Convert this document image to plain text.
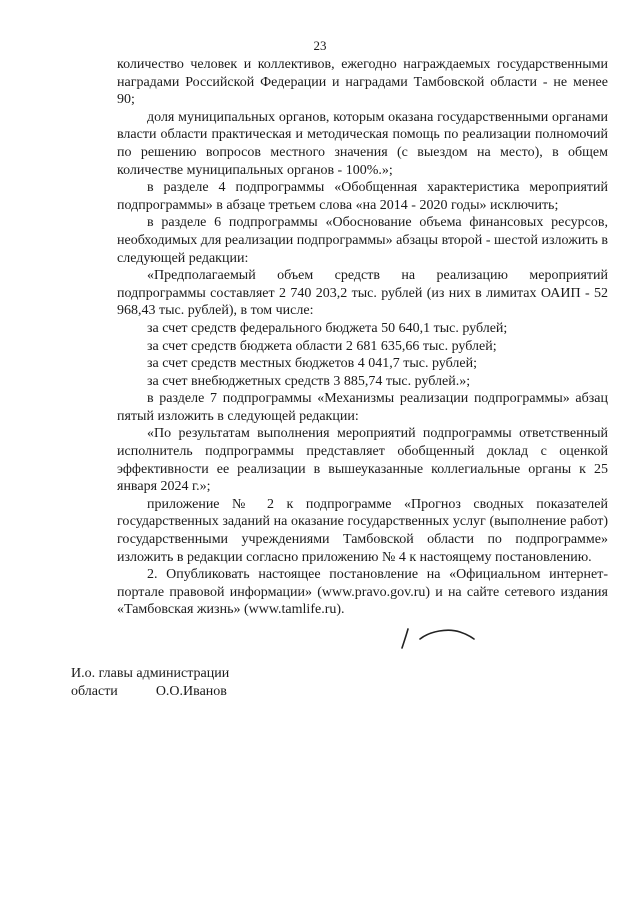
23

количество человек и коллективов, ежегодно награждаемых государственными наградами Российской Федерации и наградами Тамбовской области - не менее 90;

доля муниципальных органов, которым оказана государственными органами власти области практическая и методическая помощь по реализации полномочий по решению вопросов местного значения (с выездом на место), в общем количестве муниципальных органов - 100%.»;

в разделе 4 подпрограммы «Обобщенная характеристика мероприятий подпрограммы» в абзаце третьем слова «на 2014 - 2020 годы» исключить;

в разделе 6 подпрограммы «Обоснование объема финансовых ресурсов, необходимых для реализации подпрограммы» абзацы второй - шестой изложить в следующей редакции:

«Предполагаемый объем средств на реализацию мероприятий подпрограммы составляет 2 740 203,2 тыс. рублей (из них в лимитах ОАИП - 52 968,43 тыс. рублей), в том числе:

за счет средств федерального бюджета 50 640,1 тыс. рублей;

за счет средств бюджета области 2 681 635,66 тыс. рублей;

за счет средств местных бюджетов 4 041,7 тыс. рублей;

за счет внебюджетных средств 3 885,74 тыс. рублей.»;

в разделе 7 подпрограммы «Механизмы реализации подпрограммы» абзац пятый изложить в следующей редакции:

«По результатам выполнения мероприятий подпрограммы ответственный исполнитель подпрограммы представляет обобщенный доклад с оценкой эффективности ее реализации в вышеуказанные коллегиальные органы к 25 января 2024 г.»;

приложение № 2 к подпрограмме «Прогноз сводных показателей государственных заданий на оказание государственных услуг (выполнение работ) государственными учреждениями Тамбовской области по подпрограмме» изложить в редакции согласно приложению № 4 к настоящему постановлению.

2. Опубликовать настоящее постановление на «Официальном интернет-портале правовой информации» (www.pravo.gov.ru) и на сайте сетевого издания «Тамбовская жизнь» (www.tamlife.ru).

И.о. главы администрации
области	О.О.Иванов
